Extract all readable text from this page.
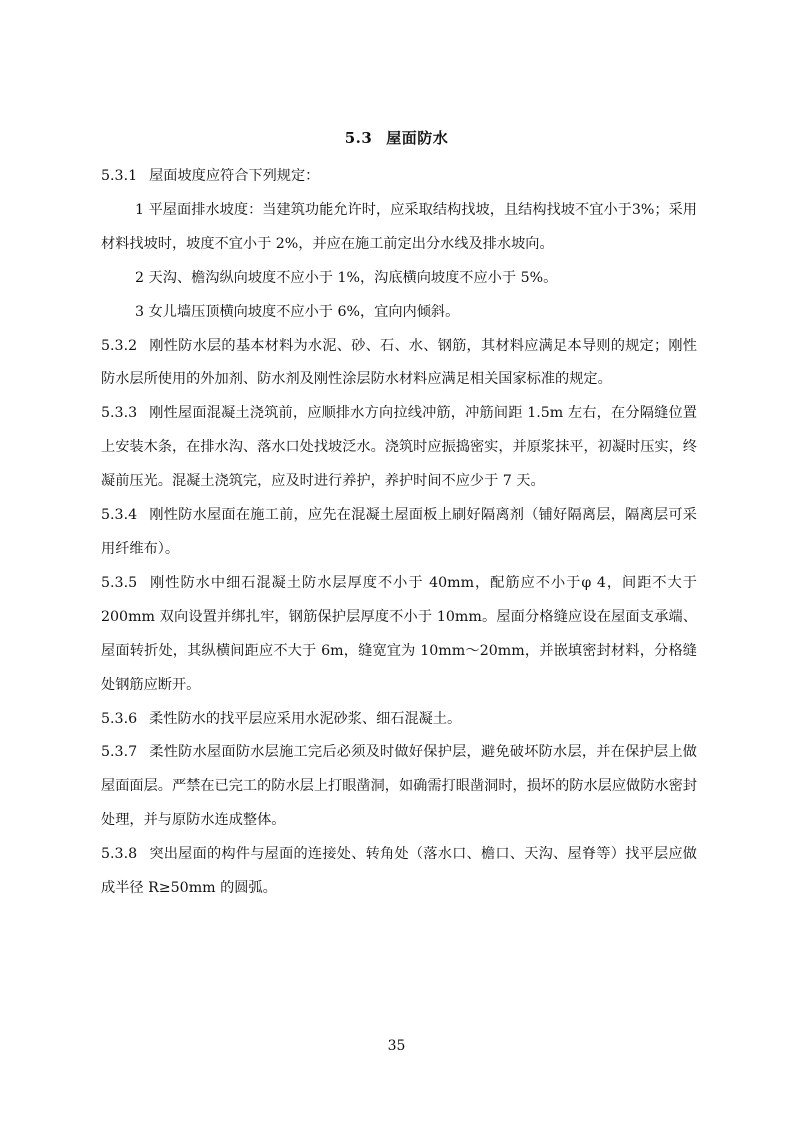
5.3 屋面防水

5.3.1 屋面坡度应符合下列规定：

1 平屋面排水坡度：当建筑功能允许时，应采取结构找坡，且结构找坡不宜小于3%；采用材料找坡时，坡度不宜小于 2%，并应在施工前定出分水线及排水坡向。

2 天沟、檐沟纵向坡度不应小于 1%，沟底横向坡度不应小于 5%。

3 女儿墙压顶横向坡度不应小于 6%，宜向内倾斜。

5.3.2 刚性防水层的基本材料为水泥、砂、石、水、钢筋，其材料应满足本导则的规定；刚性防水层所使用的外加剂、防水剂及刚性涂层防水材料应满足相关国家标准的规定。

5.3.3 刚性屋面混凝土浇筑前，应顺排水方向拉线冲筋，冲筋间距 1.5m 左右，在分隔缝位置上安装木条，在排水沟、落水口处找坡泛水。浇筑时应振捣密实，并原浆抹平，初凝时压实，终凝前压光。混凝土浇筑完，应及时进行养护，养护时间不应少于 7 天。

5.3.4 刚性防水屋面在施工前，应先在混凝土屋面板上刷好隔离剂（铺好隔离层，隔离层可采用纤维布）。

5.3.5 刚性防水中细石混凝土防水层厚度不小于 40mm，配筋应不小于φ 4，间距不大于 200mm 双向设置并绑扎牢，钢筋保护层厚度不小于 10mm。屋面分格缝应设在屋面支承端、屋面转折处，其纵横间距应不大于 6m，缝宽宜为 10mm～20mm，并嵌填密封材料，分格缝处钢筋应断开。

5.3.6 柔性防水的找平层应采用水泥砂浆、细石混凝土。

5.3.7 柔性防水屋面防水层施工完后必须及时做好保护层，避免破坏防水层，并在保护层上做屋面面层。严禁在已完工的防水层上打眼凿洞，如确需打眼凿洞时，损坏的防水层应做防水密封处理，并与原防水连成整体。

5.3.8 突出屋面的构件与屋面的连接处、转角处（落水口、檐口、天沟、屋脊等）找平层应做成半径 R≥50mm 的圆弧。

35
